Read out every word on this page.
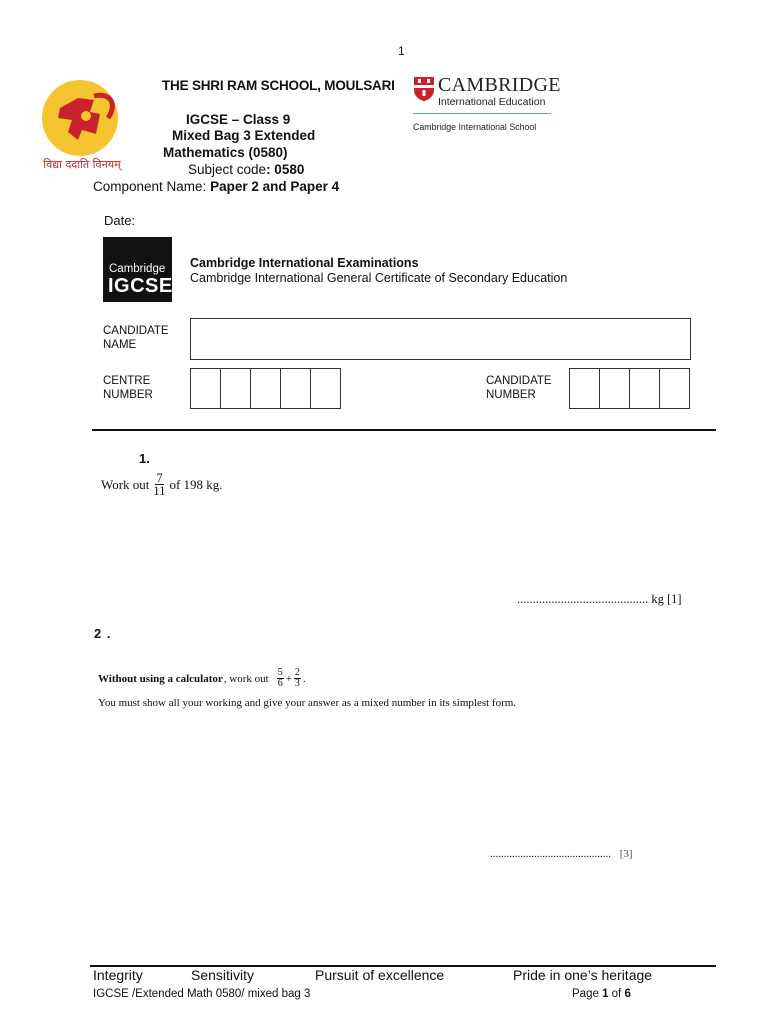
1
विद्या ददाति विनयम्
THE SHRI RAM SCHOOL, MOULSARI
IGCSE – Class 9
Mixed Bag 3 Extended
Mathematics (0580)
Subject code: 0580
Component Name: Paper 2 and Paper 4
Date:
CAMBRIDGE
International Education
Cambridge International School
Cambridge
IGCSE
Cambridge International Examinations
Cambridge International General Certificate of Secondary Education
CANDIDATE
NAME
CENTRE
NUMBER
CANDIDATE
NUMBER
1.
Work out $\frac{7}{11}$ of 198 kg.
.......................................... kg [1]
2 .
Without using a calculator , work out $\frac{5}{6} + \frac{2}{3}$ .
You must show all your working and give your answer as a mixed number in its simplest form.
............................................ [3]
Integrity	Sensitivity	Pursuit of excellence	Pride in one’s heritage
IGCSE /Extended Math 0580/ mixed bag 3	Page 1 of 6
